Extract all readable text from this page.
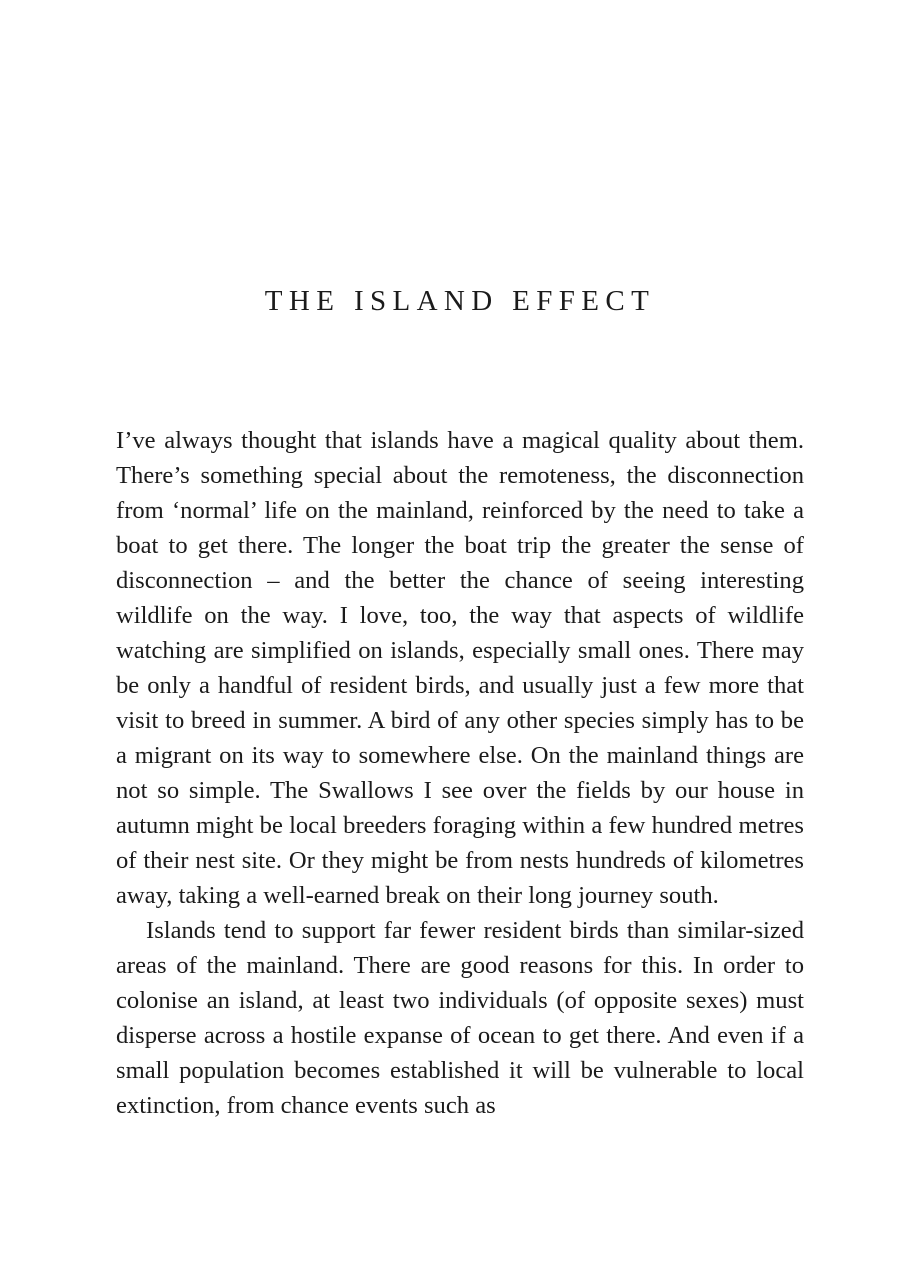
THE ISLAND EFFECT

I’ve always thought that islands have a magical quality about them. There’s something special about the remoteness, the disconnection from ‘normal’ life on the mainland, reinforced by the need to take a boat to get there. The longer the boat trip the greater the sense of disconnection – and the better the chance of seeing interesting wildlife on the way. I love, too, the way that aspects of wildlife watching are simplified on islands, especially small ones. There may be only a handful of resident birds, and usually just a few more that visit to breed in summer. A bird of any other species simply has to be a migrant on its way to somewhere else. On the mainland things are not so simple. The Swallows I see over the fields by our house in autumn might be local breeders foraging within a few hundred metres of their nest site. Or they might be from nests hundreds of kilometres away, taking a well-earned break on their long journey south.

Islands tend to support far fewer resident birds than similar-sized areas of the mainland. There are good reasons for this. In order to colonise an island, at least two individuals (of opposite sexes) must disperse across a hostile expanse of ocean to get there. And even if a small population becomes established it will be vulnerable to local extinction, from chance events such as
